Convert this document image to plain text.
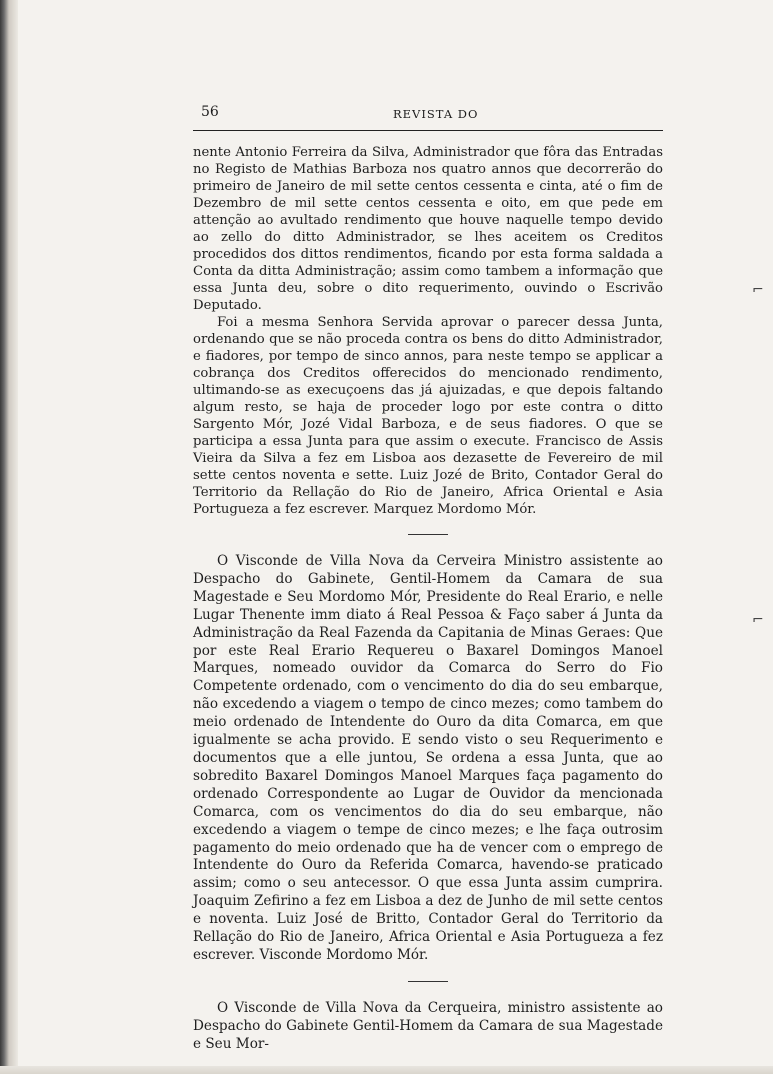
⌐
⌐
56	REVISTA DO

nente Antonio Ferreira da Silva, Administrador que fôra das Entradas no Registo de Mathias Barboza nos quatro annos que decorrerão do primeiro de Janeiro de mil sette centos cessenta e cinta, até o fim de Dezembro de mil sette centos cessenta e oito, em que pede em attenção ao avultado rendimento que houve naquelle tempo devido ao zello do ditto Administrador, se lhes aceitem os Creditos procedidos dos dittos rendimentos, ficando por esta forma saldada a Conta da ditta Administração; assim como tambem a informação que essa Junta deu, sobre o dito requerimento, ouvindo o Escrivão Deputado.

Foi a mesma Senhora Servida aprovar o parecer dessa Junta, ordenando que se não proceda contra os bens do ditto Administrador, e fiadores, por tempo de sinco annos, para neste tempo se applicar a cobrança dos Creditos offerecidos do mencionado rendimento, ultimando-se as execuçoens das já ajuizadas, e que depois faltando algum resto, se haja de proceder logo por este contra o ditto Sargento Mór, Jozé Vidal Barboza, e de seus fiadores. O que se participa a essa Junta para que assim o execute. Francisco de Assis Vieira da Silva a fez em Lisboa aos dezasette de Fevereiro de mil sette centos noventa e sette. Luiz Jozé de Brito, Contador Geral do Territorio da Rellação do Rio de Janeiro, Africa Oriental e Asia Portugueza a fez escrever. Marquez Mordomo Mór.

O Visconde de Villa Nova da Cerveira Ministro assistente ao Despacho do Gabinete, Gentil-Homem da Camara de sua Magestade e Seu Mordomo Mór, Presidente do Real Erario, e nelle Lugar Thenente imm diato á Real Pessoa & Faço saber á Junta da Administração da Real Fazenda da Capitania de Minas Geraes: Que por este Real Erario Requereu o Baxarel Domingos Manoel Marques, nomeado ouvidor da Comarca do Serro do Fio Competente ordenado, com o vencimento do dia do seu embarque, não excedendo a viagem o tempo de cinco mezes; como tambem do meio ordenado de Intendente do Ouro da dita Comarca, em que igualmente se acha provido. E sendo visto o seu Requerimento e documentos que a elle juntou, Se ordena a essa Junta, que ao sobredito Baxarel Domingos Manoel Marques faça pagamento do ordenado Correspondente ao Lugar de Ouvidor da mencionada Comarca, com os vencimentos do dia do seu embarque, não excedendo a viagem o tempe de cinco mezes; e lhe faça outrosim pagamento do meio ordenado que ha de vencer com o emprego de Intendente do Ouro da Referida Comarca, havendo-se praticado assim; como o seu antecessor. O que essa Junta assim cumprira. Joaquim Zefirino a fez em Lisboa a dez de Junho de mil sette centos e noventa. Luiz José de Britto, Contador Geral do Territorio da Rellação do Rio de Janeiro, Africa Oriental e Asia Portugueza a fez escrever. Visconde Mordomo Mór.

O Visconde de Villa Nova da Cerqueira, ministro assistente ao Despacho do Gabinete Gentil-Homem da Camara de sua Magestade e Seu Mor-
